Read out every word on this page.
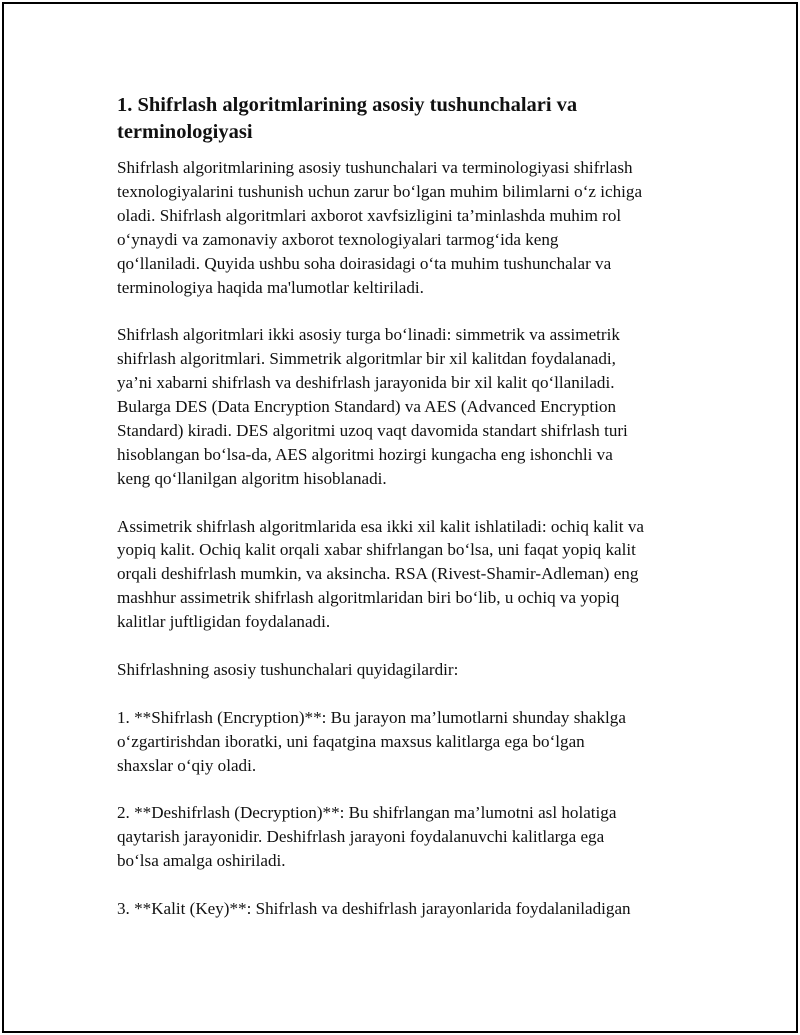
1. Shifrlash algoritmlarining asosiy tushunchalari va
terminologiyasi

Shifrlash algoritmlarining asosiy tushunchalari va terminologiyasi shifrlash
texnologiyalarini tushunish uchun zarur bo‘lgan muhim bilimlarni o‘z ichiga
oladi. Shifrlash algoritmlari axborot xavfsizligini ta’minlashda muhim rol
o‘ynaydi va zamonaviy axborot texnologiyalari tarmog‘ida keng
qo‘llaniladi. Quyida ushbu soha doirasidagi o‘ta muhim tushunchalar va
terminologiya haqida ma'lumotlar keltiriladi.

Shifrlash algoritmlari ikki asosiy turga bo‘linadi: simmetrik va assimetrik
shifrlash algoritmlari. Simmetrik algoritmlar bir xil kalitdan foydalanadi,
ya’ni xabarni shifrlash va deshifrlash jarayonida bir xil kalit qo‘llaniladi.
Bularga DES (Data Encryption Standard) va AES (Advanced Encryption
Standard) kiradi. DES algoritmi uzoq vaqt davomida standart shifrlash turi
hisoblangan bo‘lsa-da, AES algoritmi hozirgi kungacha eng ishonchli va
keng qo‘llanilgan algoritm hisoblanadi.

Assimetrik shifrlash algoritmlarida esa ikki xil kalit ishlatiladi: ochiq kalit va
yopiq kalit. Ochiq kalit orqali xabar shifrlangan bo‘lsa, uni faqat yopiq kalit
orqali deshifrlash mumkin, va aksincha. RSA (Rivest-Shamir-Adleman) eng
mashhur assimetrik shifrlash algoritmlaridan biri bo‘lib, u ochiq va yopiq
kalitlar juftligidan foydalanadi.

Shifrlashning asosiy tushunchalari quyidagilardir:

1. **Shifrlash (Encryption)**: Bu jarayon ma’lumotlarni shunday shaklga
o‘zgartirishdan iboratki, uni faqatgina maxsus kalitlarga ega bo‘lgan
shaxslar o‘qiy oladi.

2. **Deshifrlash (Decryption)**: Bu shifrlangan ma’lumotni asl holatiga
qaytarish jarayonidir. Deshifrlash jarayoni foydalanuvchi kalitlarga ega
bo‘lsa amalga oshiriladi.

3. **Kalit (Key)**: Shifrlash va deshifrlash jarayonlarida foydalaniladigan
